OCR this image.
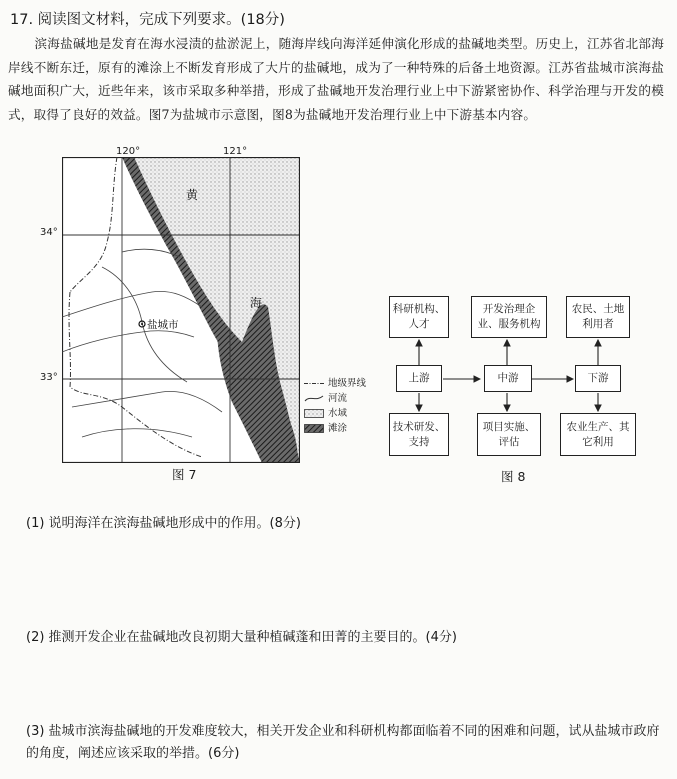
17. 阅读图文材料，完成下列要求。(18分)
滨海盐碱地是发育在海水浸渍的盐淤泥上，随海岸线向海洋延伸演化形成的盐碱地类型。历史上，江苏省北部海岸线不断东迁，原有的滩涂上不断发育形成了大片的盐碱地，成为了一种特殊的后备土地资源。江苏省盐城市滨海盐碱地面积广大，近些年来，该市采取多种举措，形成了盐碱地开发治理行业上中下游紧密协作、科学治理与开发的模式，取得了良好的效益。图7为盐城市示意图，图8为盐碱地开发治理行业上中下游基本内容。
120°	121°
34°
33°
盐城市
黄
海
地级界线
河流
水域
滩涂
图 7
科研机构、人才
开发治理企业、服务机构
农民、土地利用者
上游	中游	下游
技术研发、支持
项目实施、评估
农业生产、其它利用
图 8
(1) 说明海洋在滨海盐碱地形成中的作用。(8分)
(2) 推测开发企业在盐碱地改良初期大量种植碱蓬和田菁的主要目的。(4分)
(3) 盐城市滨海盐碱地的开发难度较大，相关开发企业和科研机构都面临着不同的困难和问题，试从盐城市政府的角度，阐述应该采取的举措。(6分)
